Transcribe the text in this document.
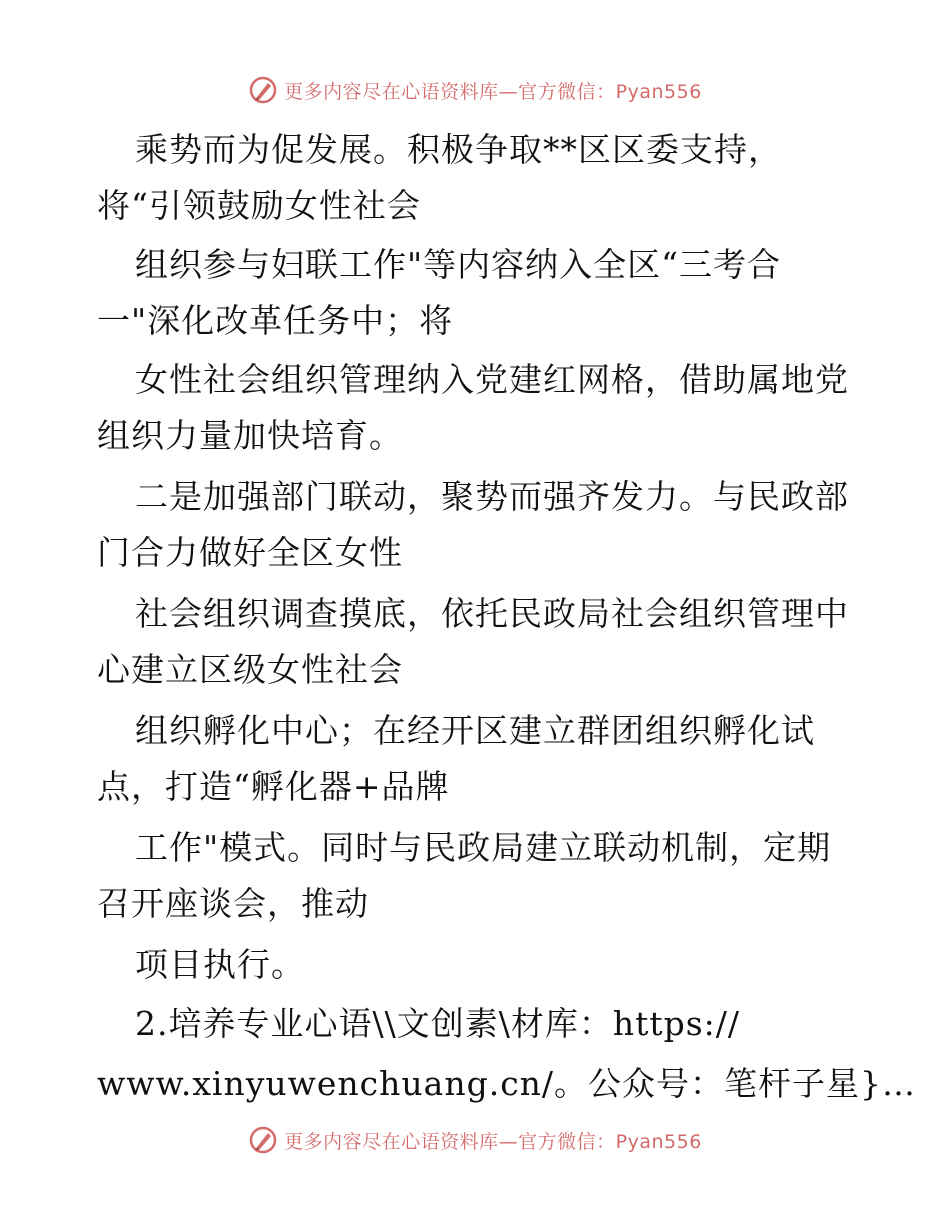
更多内容尽在心语资料库—官方微信：Pyan556
乘势而为促发展。积极争取**区区委支持，
将“引领鼓励女性社会
组织参与妇联工作"等内容纳入全区“三考合
一"深化改革任务中；将
女性社会组织管理纳入党建红网格，借助属地党
组织力量加快培育。
二是加强部门联动，聚势而强齐发力。与民政部
门合力做好全区女性
社会组织调查摸底，依托民政局社会组织管理中
心建立区级女性社会
组织孵化中心；在经开区建立群团组织孵化试
点，打造“孵化器+品牌
工作"模式。同时与民政局建立联动机制，定期
召开座谈会，推动
项目执行。
2.培养专业心语\\文创素\材库：https://
www.xinyuwenchuang.cn/。公众号：笔杆子星}…
更多内容尽在心语资料库—官方微信：Pyan556
